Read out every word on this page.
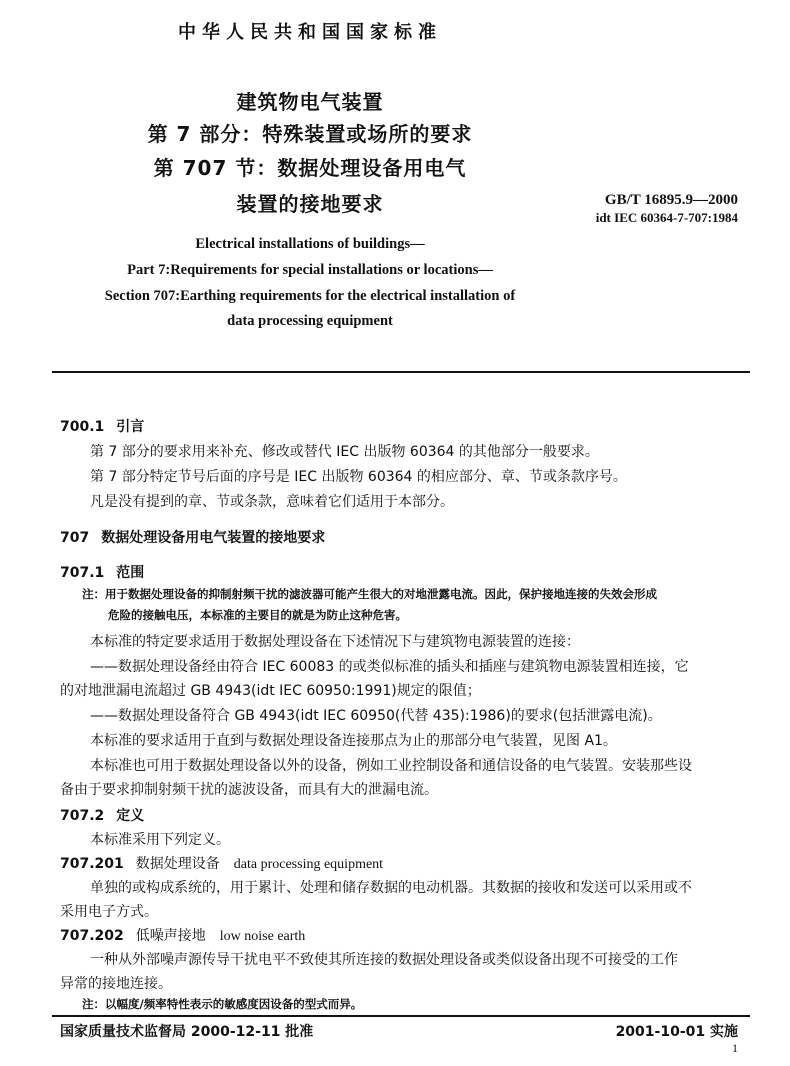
中华人民共和国国家标准
建筑物电气装置
第 7 部分：特殊装置或场所的要求
第 707 节：数据处理设备用电气
装置的接地要求	GB/T 16895.9—2000
idt IEC 60364-7-707:1984
Electrical installations of buildings—
Part 7:Requirements for special installations or locations—
Section 707:Earthing requirements for the electrical installation of
data processing equipment
700.1 引言
第 7 部分的要求用来补充、修改或替代 IEC 出版物 60364 的其他部分一般要求。
第 7 部分特定节号后面的序号是 IEC 出版物 60364 的相应部分、章、节或条款序号。
凡是没有提到的章、节或条款，意味着它们适用于本部分。
707 数据处理设备用电气装置的接地要求
707.1 范围
注：用于数据处理设备的抑制射频干扰的滤波器可能产生很大的对地泄露电流。因此，保护接地连接的失效会形成
危险的接触电压，本标准的主要目的就是为防止这种危害。
本标准的特定要求适用于数据处理设备在下述情况下与建筑物电源装置的连接：
——数据处理设备经由符合 IEC 60083 的或类似标准的插头和插座与建筑物电源装置相连接，它
的对地泄漏电流超过 GB 4943(idt IEC 60950:1991)规定的限值；
——数据处理设备符合 GB 4943(idt IEC 60950(代替 435):1986)的要求(包括泄露电流)。
本标准的要求适用于直到与数据处理设备连接那点为止的那部分电气装置，见图 A1。
本标准也可用于数据处理设备以外的设备，例如工业控制设备和通信设备的电气装置。安装那些设
备由于要求抑制射频干扰的滤波设备，而具有大的泄漏电流。
707.2 定义
本标准采用下列定义。
707.201 数据处理设备 data processing equipment
单独的或构成系统的，用于累计、处理和储存数据的电动机器。其数据的接收和发送可以采用或不
采用电子方式。
707.202 低噪声接地 low noise earth
一种从外部噪声源传导干扰电平不致使其所连接的数据处理设备或类似设备出现不可接受的工作
异常的接地连接。
注：以幅度/频率特性表示的敏感度因设备的型式而异。
国家质量技术监督局 2000-12-11 批准	2001-10-01 实施
1
